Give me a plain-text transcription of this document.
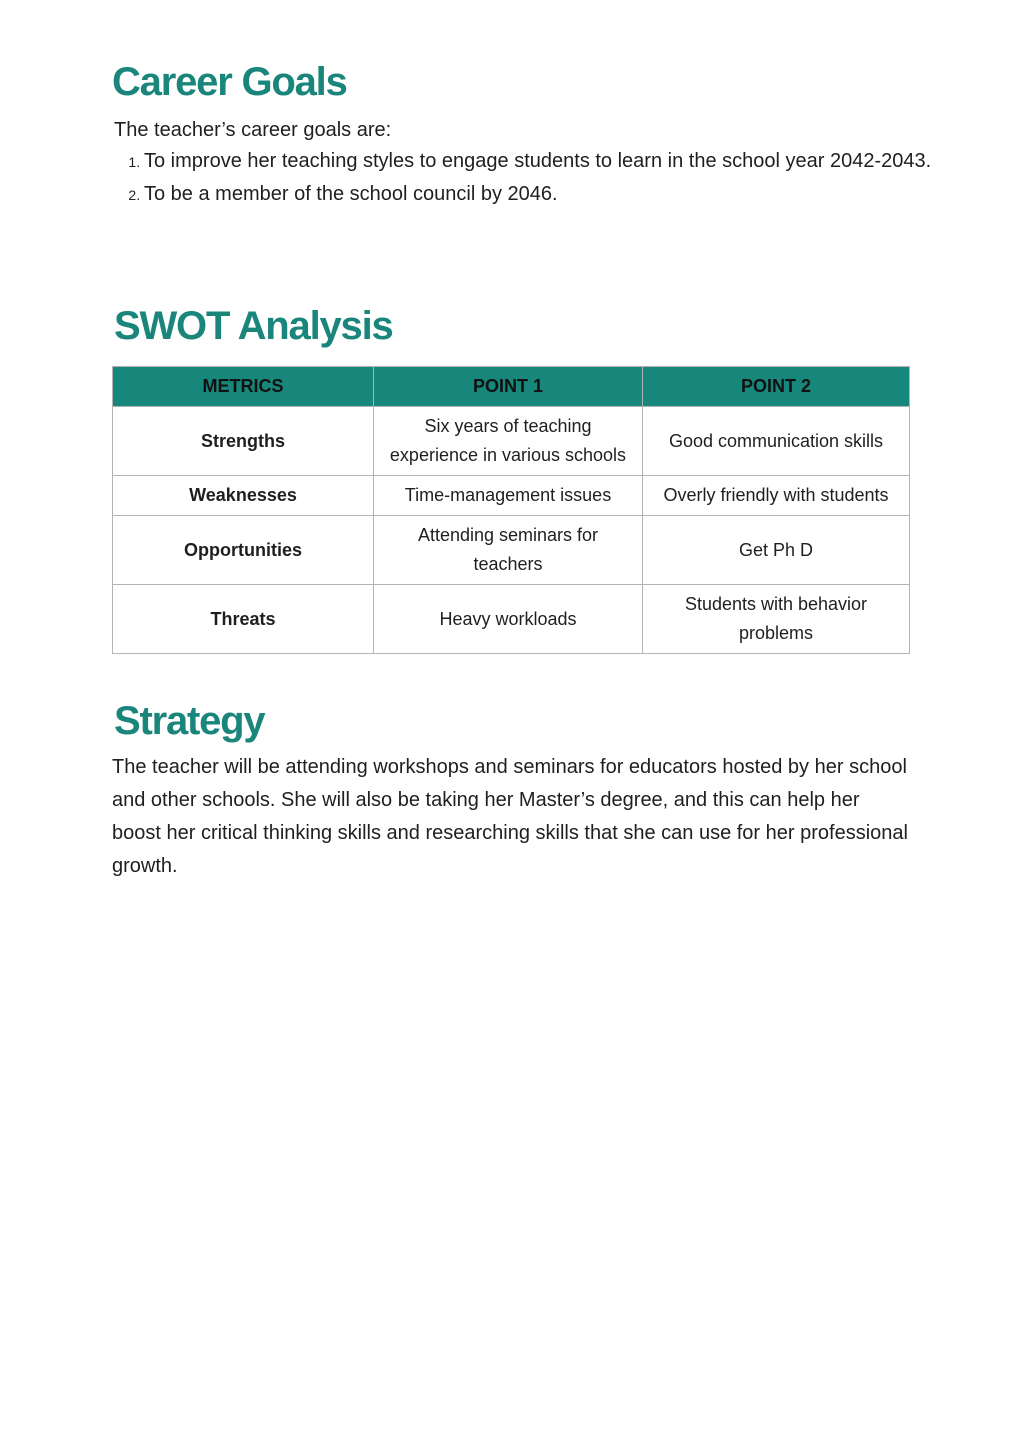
Career Goals

The teacher’s career goals are:

1. To improve her teaching styles to engage students to learn in the school year 2042-2043.
2. To be a member of the school council by 2046.
SWOT Analysis
METRICS	POINT 1	POINT 2
Strengths	Six years of teaching experience in various schools	Good communication skills
Weaknesses	Time-management issues	Overly friendly with students
Opportunities	Attending seminars for teachers	Get Ph D
Threats	Heavy workloads	Students with behavior problems
Strategy

The teacher will be attending workshops and seminars for educators hosted by her school and other schools. She will also be taking her Master’s degree, and this can help her boost her critical thinking skills and researching skills that she can use for her professional growth.
